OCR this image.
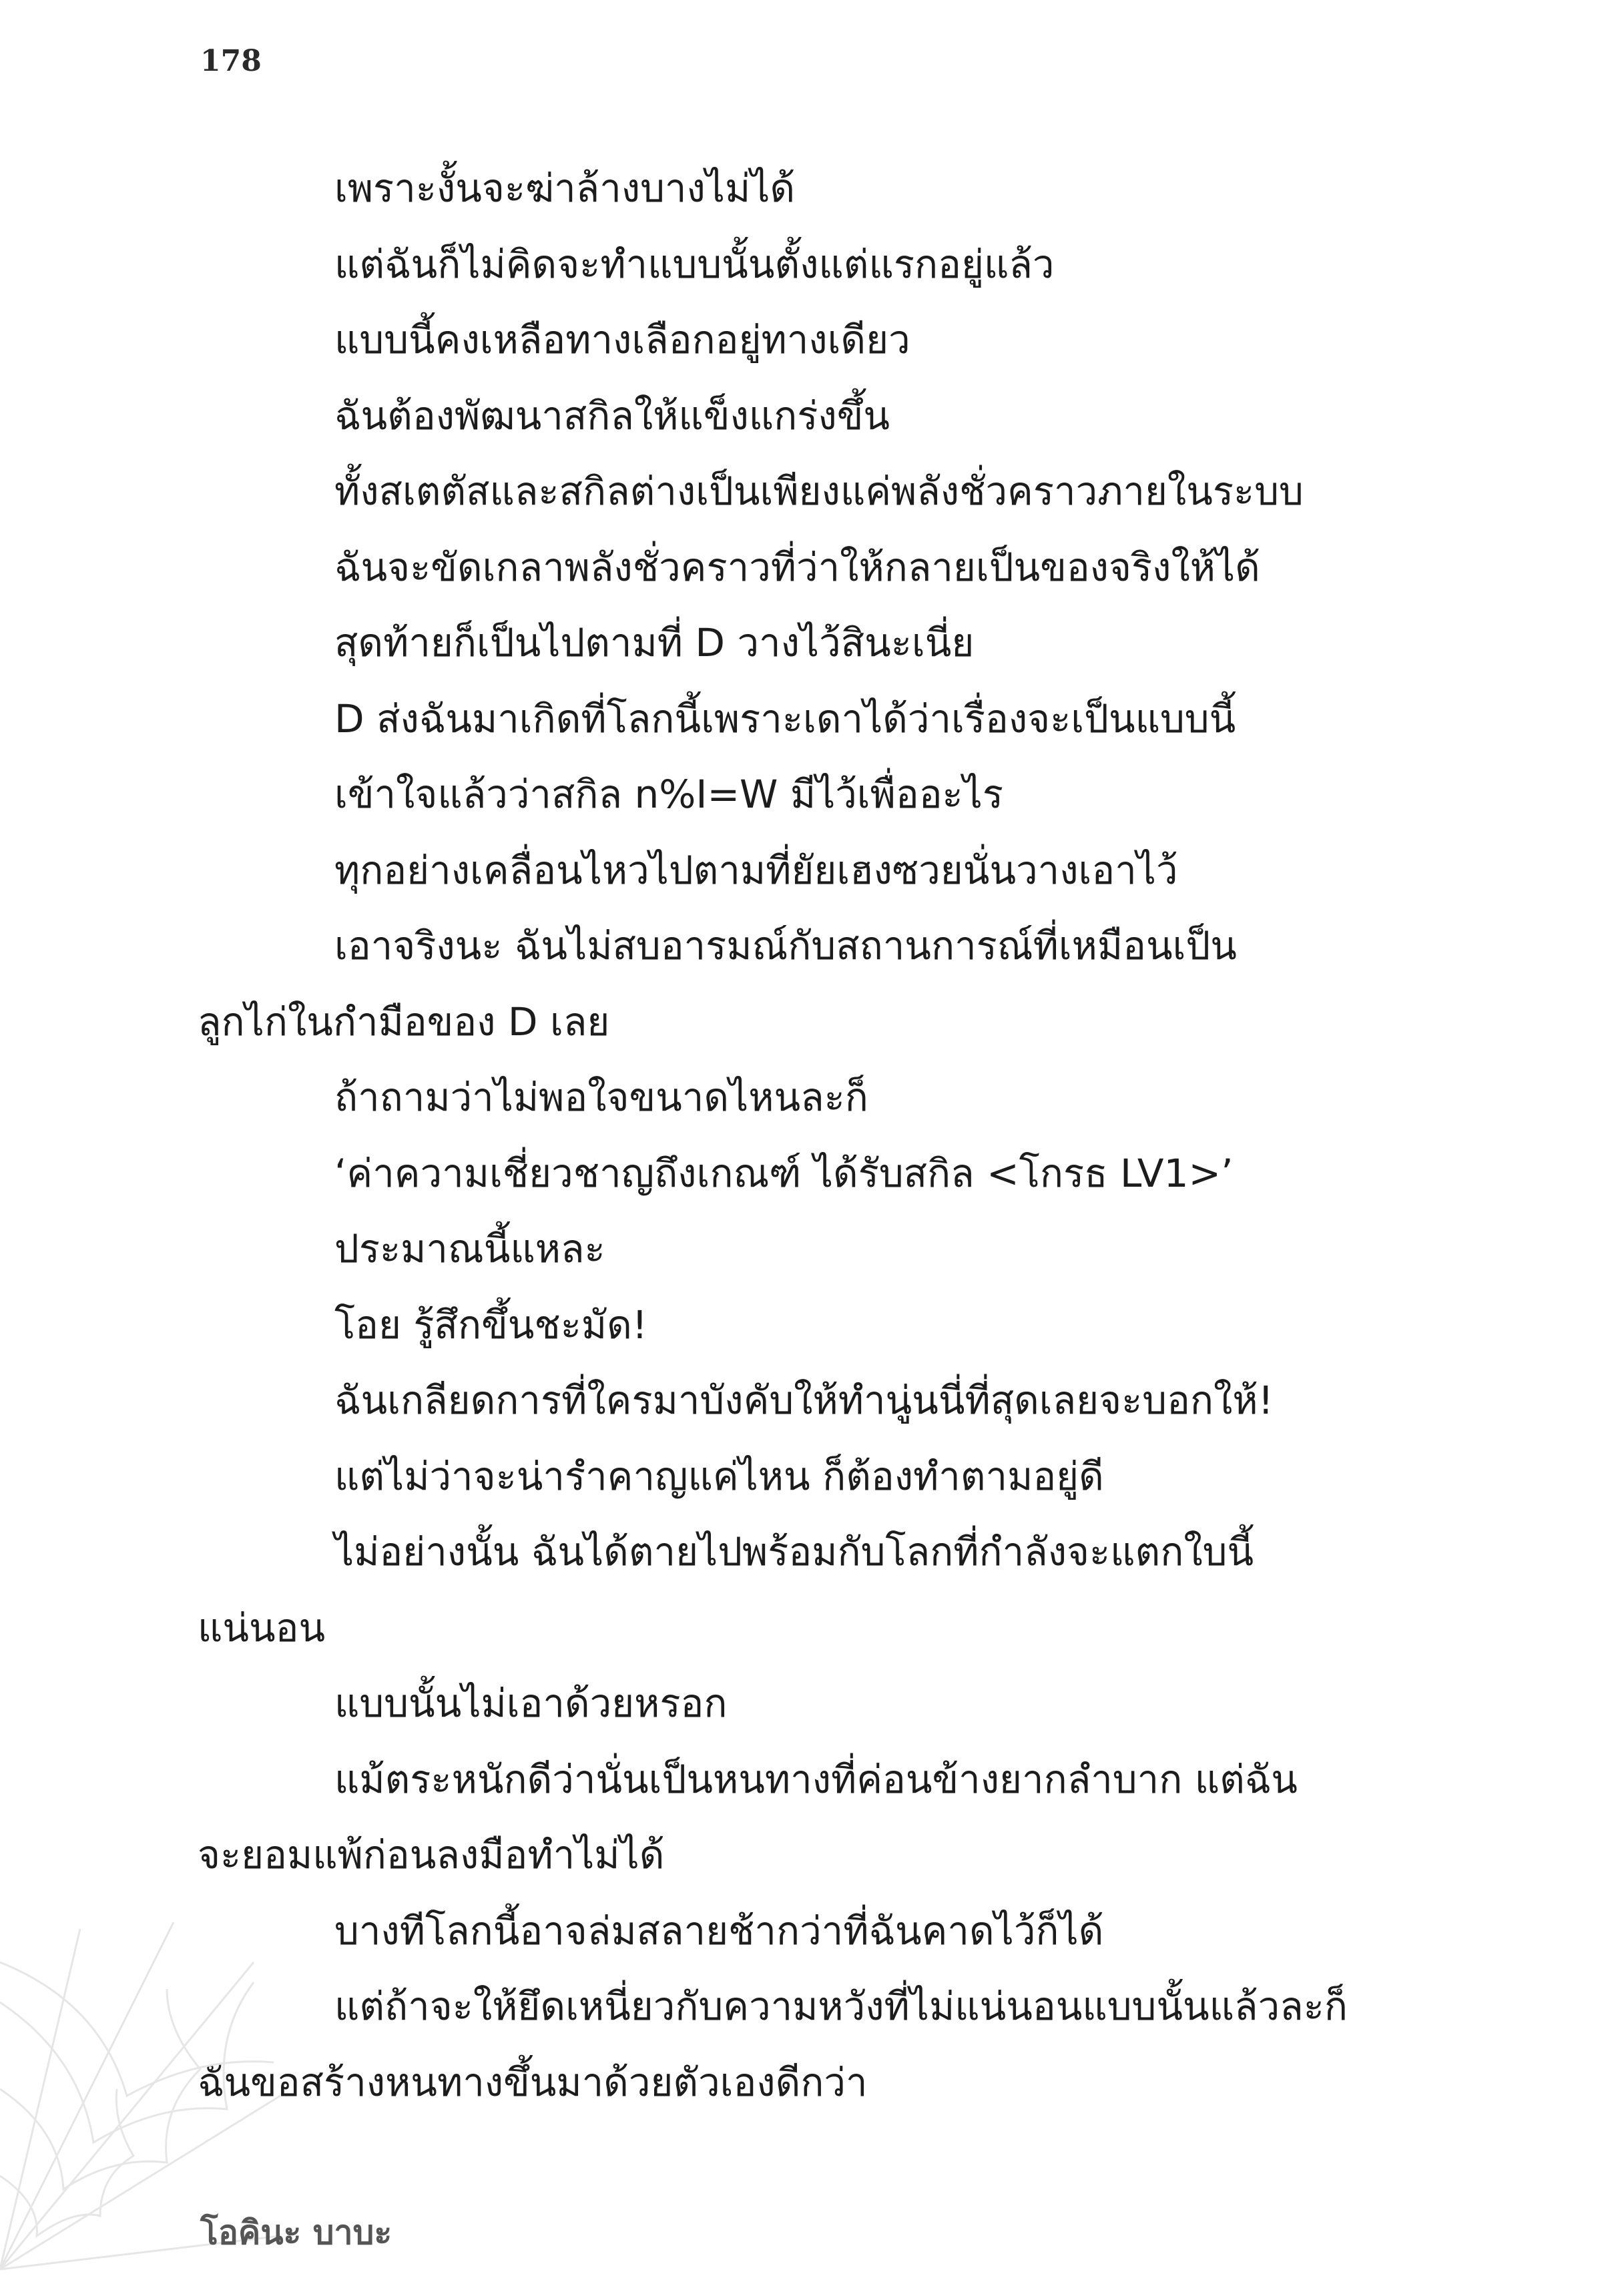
178

เพราะงั้นจะฆ่าล้างบางไม่ได้

แต่ฉันก็ไม่คิดจะทำแบบนั้นตั้งแต่แรกอยู่แล้ว

แบบนี้คงเหลือทางเลือกอยู่ทางเดียว

ฉันต้องพัฒนาสกิลให้แข็งแกร่งขึ้น

ทั้งสเตตัสและสกิลต่างเป็นเพียงแค่พลังชั่วคราวภายในระบบ

ฉันจะขัดเกลาพลังชั่วคราวที่ว่าให้กลายเป็นของจริงให้ได้

สุดท้ายก็เป็นไปตามที่ D วางไว้สินะเนี่ย

D ส่งฉันมาเกิดที่โลกนี้เพราะเดาได้ว่าเรื่องจะเป็นแบบนี้

เข้าใจแล้วว่าสกิล n%I=W มีไว้เพื่ออะไร

ทุกอย่างเคลื่อนไหวไปตามที่ยัยเฮงซวยนั่นวางเอาไว้

เอาจริงนะ ฉันไม่สบอารมณ์กับสถานการณ์ที่เหมือนเป็น

ลูกไก่ในกำมือของ D เลย

ถ้าถามว่าไม่พอใจขนาดไหนละก็

‘ค่าความเชี่ยวชาญถึงเกณฑ์ ได้รับสกิล <โกรธ LV1>’

ประมาณนี้แหละ

โอย รู้สึกขึ้นชะมัด!

ฉันเกลียดการที่ใครมาบังคับให้ทำนู่นนี่ที่สุดเลยจะบอกให้!

แต่ไม่ว่าจะน่ารำคาญแค่ไหน ก็ต้องทำตามอยู่ดี

ไม่อย่างนั้น ฉันได้ตายไปพร้อมกับโลกที่กำลังจะแตกใบนี้

แน่นอน

แบบนั้นไม่เอาด้วยหรอก

แม้ตระหนักดีว่านั่นเป็นหนทางที่ค่อนข้างยากลำบาก แต่ฉัน

จะยอมแพ้ก่อนลงมือทำไม่ได้

บางทีโลกนี้อาจล่มสลายช้ากว่าที่ฉันคาดไว้ก็ได้

แต่ถ้าจะให้ยึดเหนี่ยวกับความหวังที่ไม่แน่นอนแบบนั้นแล้วละก็

ฉันขอสร้างหนทางขึ้นมาด้วยตัวเองดีกว่า

โอคินะ บาบะ
